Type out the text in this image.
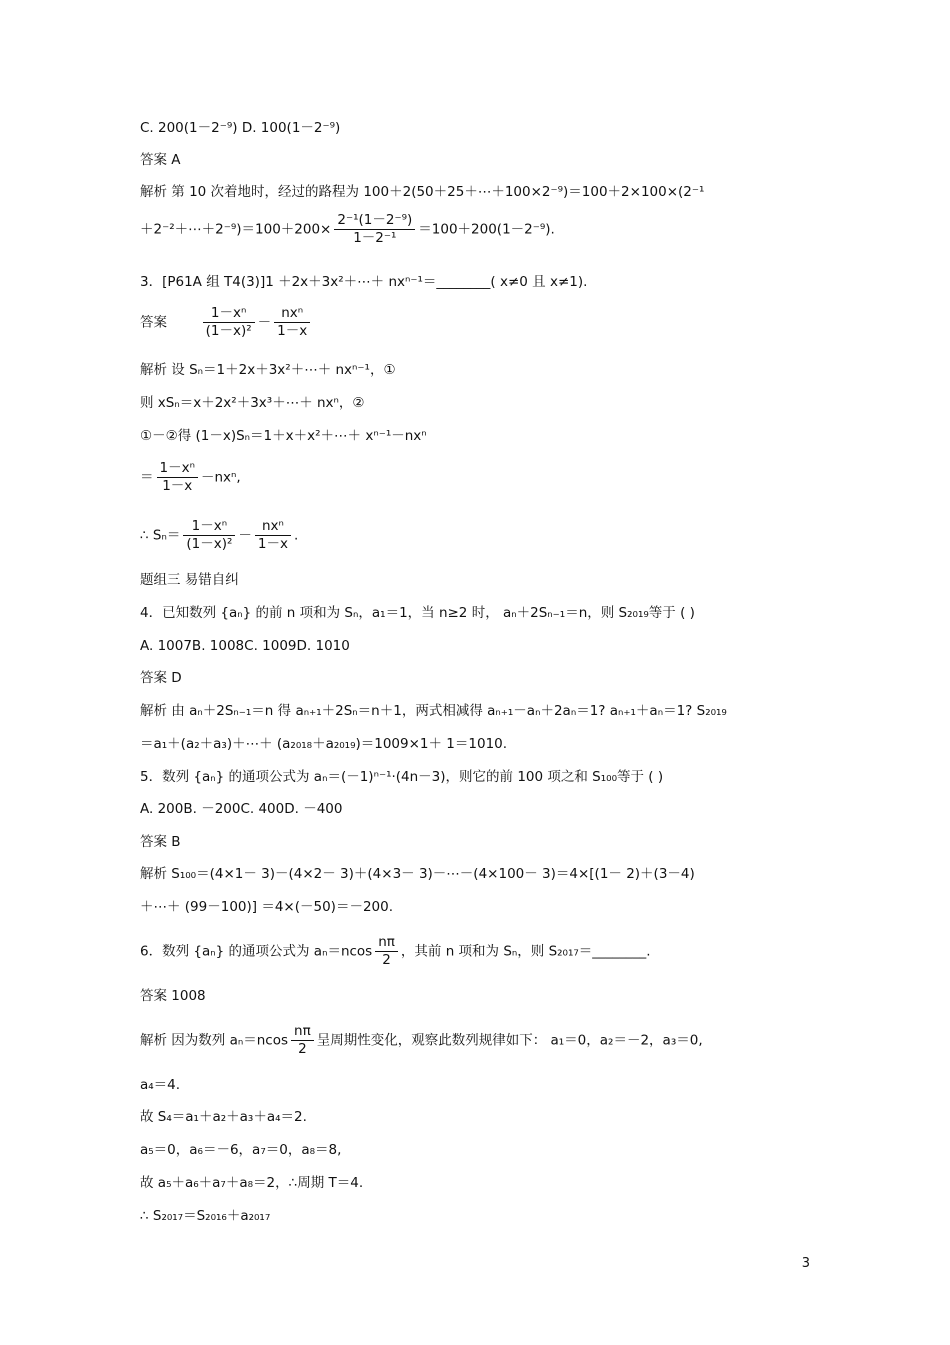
C. 200(1－2⁻⁹) D. 100(1－2⁻⁹)
答案 A
解析 第 10 次着地时，经过的路程为 100＋2(50＋25＋⋯＋100×2⁻⁹)＝100＋2×100×(2⁻¹
＋2⁻²＋⋯＋2⁻⁹)＝100＋200× $\frac{\text{2⁻¹(1－2⁻⁹)}}{\text{1－2⁻¹}} =100+200(1-2^{-9})$.
3．[P61A 组 T4(3)]1 ＋2x＋3x²＋⋯＋ nxⁿ⁻¹＝________( x≠0 且 x≠1).
答案	$\frac{\text{1－xⁿ}}{\text{(1－x)²}} - \frac{\text{nxⁿ}}{1-x}$
解析 设 Sₙ＝1＋2x＋3x²＋⋯＋ nxⁿ⁻¹，①
则 xSₙ＝x＋2x²＋3x³＋⋯＋ nxⁿ，②
①－②得 (1－x)Sₙ＝1＋x＋x²＋⋯＋ xⁿ⁻¹－nxⁿ
＝ $\frac{\text{1－xⁿ}}{1-x} -nx^n$,
∴ $S_n= \frac{\text{1－xⁿ}}{\text{(1－x)²}} - \frac{\text{nxⁿ}}{1-x}$ .
题组三 易错自纠
4．已知数列 {aₙ} 的前 n 项和为 Sₙ，a₁＝1，当 n≥2 时， aₙ＋2Sₙ₋₁＝n，则 S₂₀₁₉等于 ( )
A. 1007B. 1008C. 1009D. 1010
答案 D
解析 由 aₙ＋2Sₙ₋₁＝n 得 aₙ₊₁＋2Sₙ＝n＋1，两式相减得 aₙ₊₁－aₙ＋2aₙ＝1? aₙ₊₁＋aₙ＝1? S₂₀₁₉
＝a₁＋(a₂＋a₃)＋⋯＋ (a₂₀₁₈＋a₂₀₁₉)＝1009×1＋ 1＝1010.
5．数列 {aₙ} 的通项公式为 aₙ＝(－1)ⁿ⁻¹·(4n－3)，则它的前 100 项之和 S₁₀₀等于 ( )
A. 200B. －200C. 400D. －400
答案 B
解析 S₁₀₀＝(4×1－ 3)－(4×2－ 3)＋(4×3－ 3)－⋯－(4×100－ 3)＝4×[(1－ 2)＋(3－4)
＋⋯＋ (99－100)] ＝4×(－50)＝－200.
6．数列 {aₙ} 的通项公式为 $a_n=ncos \frac{n\pi}{2}$ ，其前 n 项和为 Sₙ，则 S₂₀₁₇＝________.
答案 1008
解析 因为数列 $a_n=ncos \frac{n\pi}{2}$ 呈周期性变化，观察此数列规律如下： a₁＝0，a₂＝－2，a₃＝0,
a₄＝4.
故 S₄＝a₁＋a₂＋a₃＋a₄＝2.
a₅＝0，a₆＝－6，a₇＝0，a₈＝8,
故 a₅＋a₆＋a₇＋a₈＝2，∴周期 T＝4.
∴ S₂₀₁₇＝S₂₀₁₆＋a₂₀₁₇
3
